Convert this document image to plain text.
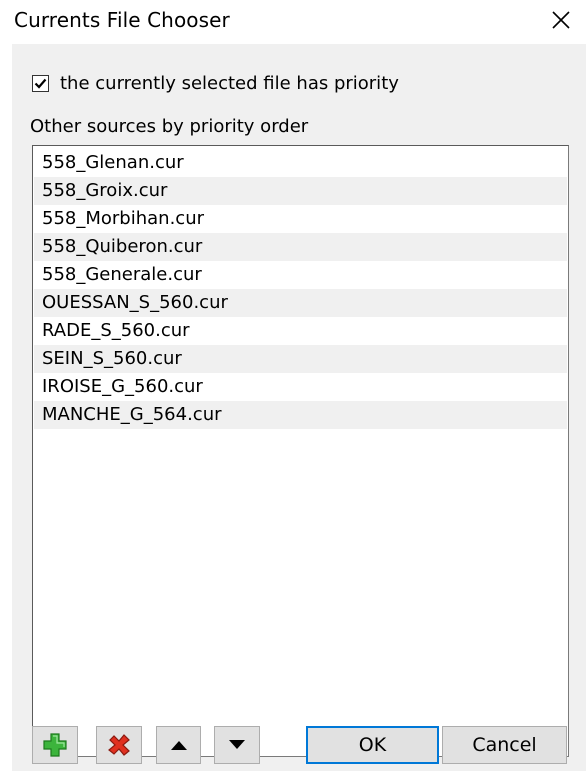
Currents File Chooser
the currently selected file has priority
Other sources by priority order
558_Glenan.cur
558_Groix.cur
558_Morbihan.cur
558_Quiberon.cur
558_Generale.cur
OUESSAN_S_560.cur
RADE_S_560.cur
SEIN_S_560.cur
IROISE_G_560.cur
MANCHE_G_564.cur
OK	Cancel
